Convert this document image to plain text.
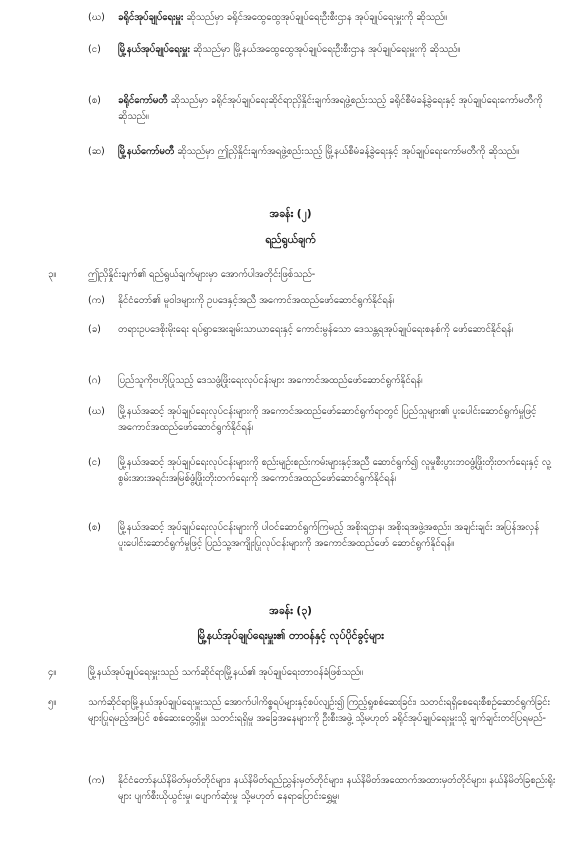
(ဃ)	ခရိုင်အုပ်ချုပ်ရေးမှူး ဆိုသည်မှာ ခရိုင်အထွေထွေအုပ်ချုပ်ရေးဦးစီးဌာန အုပ်ချုပ်ရေးမှူးကို ဆိုသည်။
(င)	မြို့နယ်အုပ်ချုပ်ရေးမှူး ဆိုသည်မှာ မြို့နယ်အထွေထွေအုပ်ချုပ်ရေးဦးစီးဌာန အုပ်ချုပ်ရေးမှူးကို ဆိုသည်။
(စ)	ခရိုင်ကော်မတီ ဆိုသည်မှာ ခရိုင်အုပ်ချုပ်ရေးဆိုင်ရာညှိနှိုင်းချက်အရဖွဲ့စည်းသည့် ခရိုင်စီမံခန့်ခွဲရေးနှင့် အုပ်ချုပ်ရေးကော်မတီကို ဆိုသည်။
(ဆ)	မြို့နယ်ကော်မတီ ဆိုသည်မှာ ဤညှိနှိုင်းချက်အရဖွဲ့စည်းသည့် မြို့နယ်စီမံခန့်ခွဲရေးနှင့် အုပ်ချုပ်ရေးကော်မတီကို ဆိုသည်။
အခန်း (၂)
ရည်ရွယ်ချက်
၃။	ဤညှိနှိုင်းချက်၏ ရည်ရွယ်ချက်များမှာ အောက်ပါအတိုင်းဖြစ်သည်-
(က)	နိုင်ငံတော်၏ မူဝါဒများကို ဥပဒေနှင့်အညီ အကောင်အထည်ဖော်ဆောင်ရွက်နိုင်ရန်၊
(ခ)	တရားဥပဒေစိုးမိုးရေး ရပ်ရွာအေးချမ်းသာယာရေးနှင့် ကောင်းမွန်သော ဒေသန္တရအုပ်ချုပ်ရေးစနစ်ကို ဖော်ဆောင်နိုင်ရန်၊
(ဂ)	ပြည်သူကိုဗဟိုပြုသည့် ဒေသဖွံ့ဖြိုးရေးလုပ်ငန်းများ အကောင်အထည်ဖော်ဆောင်ရွက်နိုင်ရန်၊
(ဃ)	မြို့နယ်အဆင့် အုပ်ချုပ်ရေးလုပ်ငန်းများကို အကောင်အထည်ဖော်ဆောင်ရွက်ရာတွင် ပြည်သူများ၏ ပူးပေါင်းဆောင်ရွက်မှုဖြင့် အကောင်အထည်ဖော်ဆောင်ရွက်နိုင်ရန်၊
(င)	မြို့နယ်အဆင့် အုပ်ချုပ်ရေးလုပ်ငန်းများကို စည်းမျဉ်းစည်းကမ်းများနှင့်အညီ ဆောင်ရွက်၍ လူမှုစီးပွားဘဝဖွံ့ဖြိုးတိုးတက်ရေးနှင့် လူ့စွမ်းအားအရင်းအမြစ်ဖွံ့ဖြိုးတိုးတက်ရေးကို အကောင်အထည်ဖော်ဆောင်ရွက်နိုင်ရန်၊
(စ)	မြို့နယ်အဆင့် အုပ်ချုပ်ရေးလုပ်ငန်းများကို ပါဝင်ဆောင်ရွက်ကြမည့် အစိုးရဌာန၊ အစိုးရအဖွဲ့အစည်း၊ အချင်းချင်း အပြန်အလှန်ပူးပေါင်းဆောင်ရွက်မှုဖြင့် ပြည်သူ့အကျိုးပြုလုပ်ငန်းများကို အကောင်အထည်ဖော် ဆောင်ရွက်နိုင်ရန်။
အခန်း (၃)
မြို့နယ်အုပ်ချုပ်ရေးမှူး၏ တာဝန်နှင့် လုပ်ပိုင်ခွင့်များ
၄။	မြို့နယ်အုပ်ချုပ်ရေးမှူးသည် သက်ဆိုင်ရာမြို့နယ်၏ အုပ်ချုပ်ရေးတာဝန်ခံဖြစ်သည်။
၅။	သက်ဆိုင်ရာမြို့နယ်အုပ်ချုပ်ရေးမှူးသည် အောက်ပါကိစ္စရပ်များနှင့်စပ်လျဉ်း၍ ကြည့်ရှုစစ်ဆေးခြင်း၊ သတင်းရရှိစေရေးစီစဉ်ဆောင်ရွက်ခြင်းများပြုရမည့်အပြင် စစ်ဆေးတွေ့ရှိမှု၊ သတင်းရရှိမှု အခြေအနေများကို ဦးစီးအဖွဲ့ သို့မဟုတ် ခရိုင်အုပ်ချုပ်ရေးမှူးသို့ ချက်ချင်းတင်ပြရမည်-
(က)	နိုင်ငံတော်နယ်နိမိတ်မှတ်တိုင်များ၊ နယ်နိမိတ်ရည်ညွှန်းမှတ်တိုင်များ၊ နယ်နိမိတ်အထောက်အထားမှတ်တိုင်များ၊ နယ်နိမိတ်ခြစည်းရိုးများ ပျက်စီးယိုယွင်းမှု၊ ပျောက်ဆုံးမှု သို့မဟုတ် နေရာပြောင်းရွှေ့မှု၊
